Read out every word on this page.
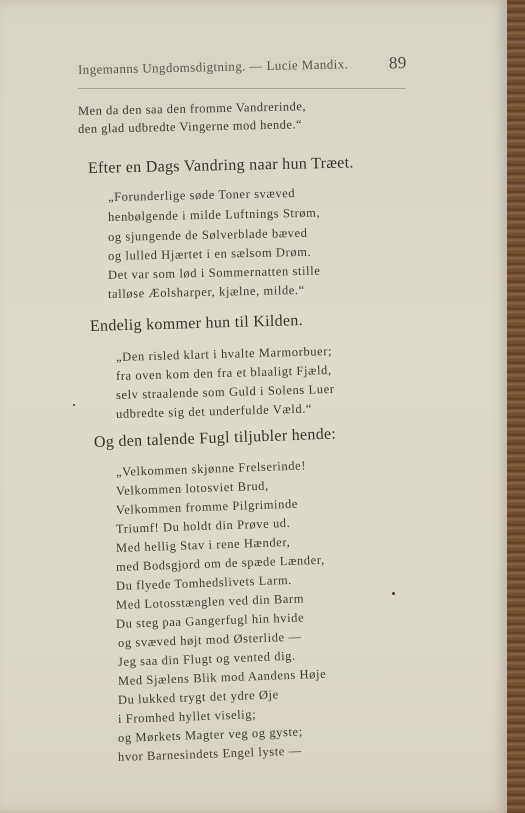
Ingemanns Ungdomsdigtning. — Lucie Mandix. 89
Men da den saa den fromme Vandrerinde,
den glad udbredte Vingerne mod hende.“
Efter en Dags Vandring naar hun Træet.
„Forunderlige søde Toner svæved
henbølgende i milde Luftnings Strøm,
og sjungende de Sølverblade bæved
og lulled Hjærtet i en sælsom Drøm.
Det var som lød i Sommernatten stille
talløse Æolsharper, kjælne, milde.“
Endelig kommer hun til Kilden.
„Den risled klart i hvalte Marmorbuer;
fra oven kom den fra et blaaligt Fjæld,
selv straalende som Guld i Solens Luer
udbredte sig det underfulde Væld.“
Og den talende Fugl tiljubler hende:
„Velkommen skjønne Frelserinde!
Velkommen lotosviet Brud,
Velkommen fromme Pilgriminde
Triumf! Du holdt din Prøve ud.
Med hellig Stav i rene Hænder,
med Bodsgjord om de spæde Lænder,
Du flyede Tomhedslivets Larm.
Med Lotosstænglen ved din Barm
Du steg paa Gangerfugl hin hvide
og svæved højt mod Østerlide —
Jeg saa din Flugt og vented dig.
Med Sjælens Blik mod Aandens Høje
Du lukked trygt det ydre Øje
i Fromhed hyllet viselig;
og Mørkets Magter veg og gyste;
hvor Barnesindets Engel lyste —
